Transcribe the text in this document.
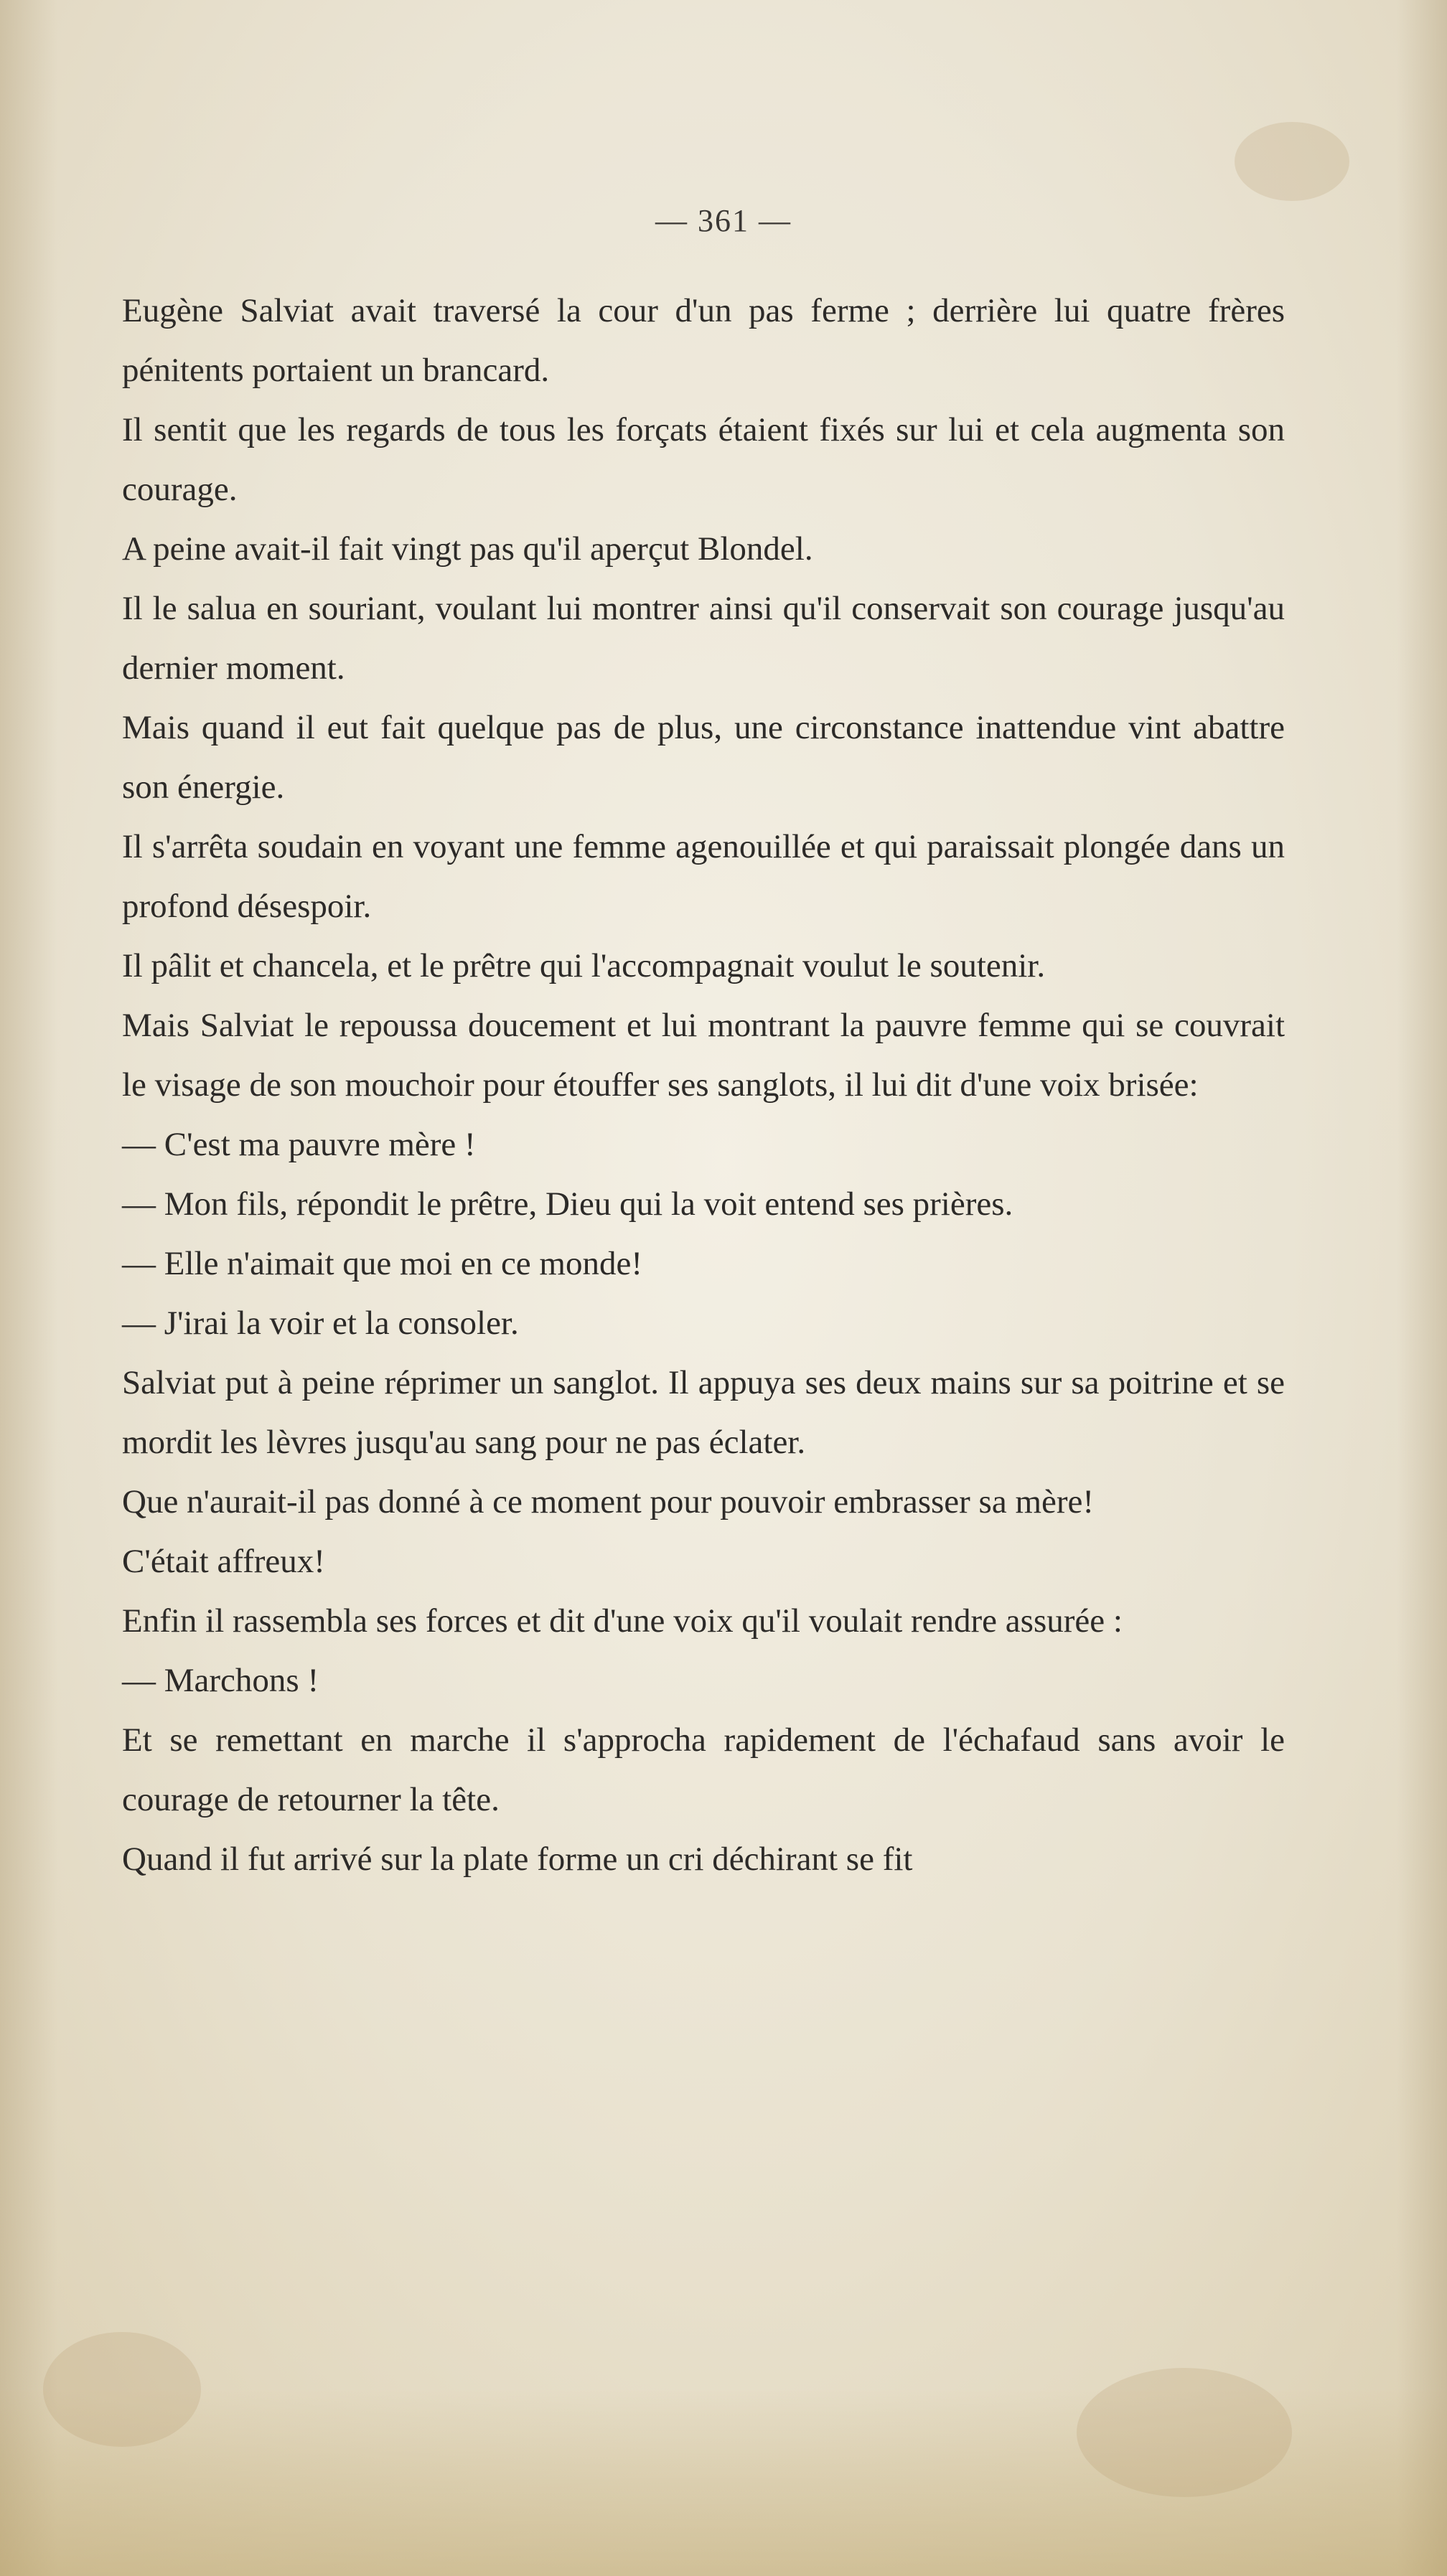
— 361 —

Eugène Salviat avait traversé la cour d'un pas ferme ; derrière lui quatre frères pénitents portaient un brancard.

Il sentit que les regards de tous les forçats étaient fixés sur lui et cela augmenta son courage.

A peine avait-il fait vingt pas qu'il aperçut Blondel.

Il le salua en souriant, voulant lui montrer ainsi qu'il conservait son courage jusqu'au dernier moment.

Mais quand il eut fait quelque pas de plus, une circonstance inattendue vint abattre son énergie.

Il s'arrêta soudain en voyant une femme agenouillée et qui paraissait plongée dans un profond désespoir.

Il pâlit et chancela, et le prêtre qui l'accompagnait voulut le soutenir.

Mais Salviat le repoussa doucement et lui montrant la pauvre femme qui se couvrait le visage de son mouchoir pour étouffer ses sanglots, il lui dit d'une voix brisée:

— C'est ma pauvre mère !

— Mon fils, répondit le prêtre, Dieu qui la voit entend ses prières.

— Elle n'aimait que moi en ce monde!

— J'irai la voir et la consoler.

Salviat put à peine réprimer un sanglot. Il appuya ses deux mains sur sa poitrine et se mordit les lèvres jusqu'au sang pour ne pas éclater.

Que n'aurait-il pas donné à ce moment pour pouvoir embrasser sa mère!

C'était affreux!

Enfin il rassembla ses forces et dit d'une voix qu'il voulait rendre assurée :

— Marchons !

Et se remettant en marche il s'approcha rapidement de l'échafaud sans avoir le courage de retourner la tête.

Quand il fut arrivé sur la plate forme un cri déchirant se fit
